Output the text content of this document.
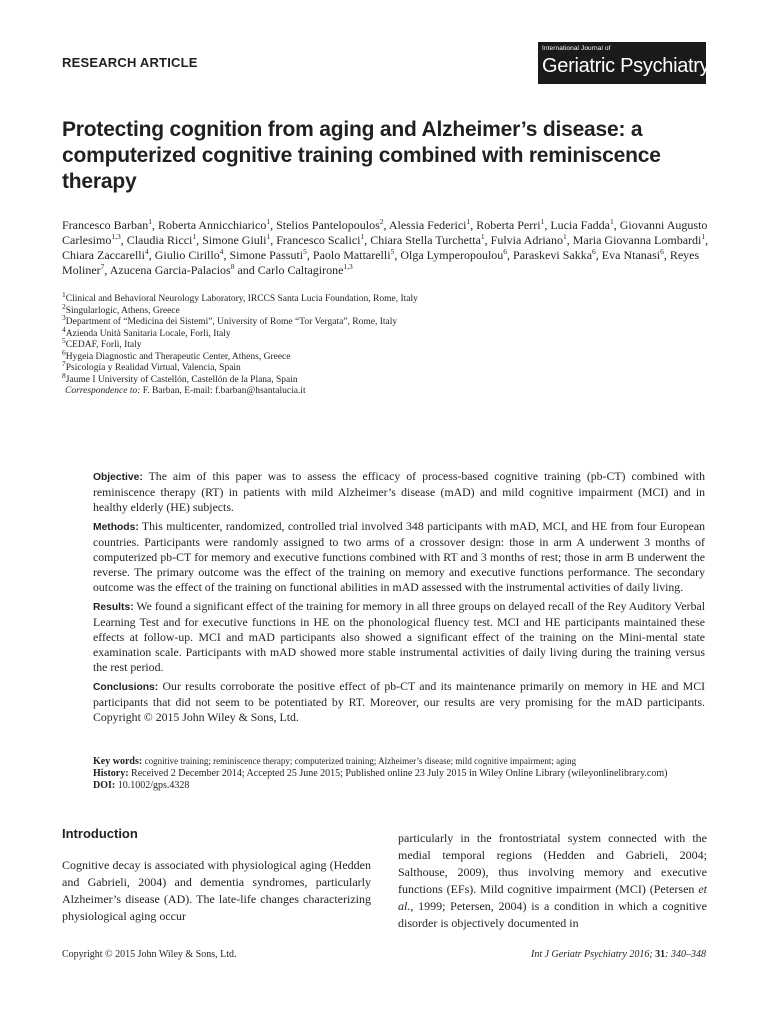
RESEARCH ARTICLE
International Journal of
Geriatric Psychiatry
Protecting cognition from aging and Alzheimer’s disease: a computerized cognitive training combined with reminiscence therapy

Francesco Barban$^1$, Roberta Annicchiarico$^1$, Stelios Pantelopoulos$^2$, Alessia Federici$^1$, Roberta Perri$^1$, Lucia Fadda$^1$, Giovanni Augusto Carlesimo$^{1,3}$, Claudia Ricci$^1$, Simone Giuli$^1$, Francesco Scalici$^1$, Chiara Stella Turchetta$^1$, Fulvia Adriano$^1$, Maria Giovanna Lombardi$^1$, Chiara Zaccarelli$^4$, Giulio Cirillo$^4$, Simone Passuti$^5$, Paolo Mattarelli$^5$, Olga Lymperopoulou$^6$, Paraskevi Sakka$^6$, Eva Ntanasi$^6$, Reyes Moliner$^7$, Azucena Garcia-Palacios$^8$ and Carlo Caltagirone$^{1,3}$

$^1$Clinical and Behavioral Neurology Laboratory, IRCCS Santa Lucia Foundation, Rome, Italy
$^2$Singularlogic, Athens, Greece
$^3$Department of “Medicina dei Sistemi”, University of Rome “Tor Vergata”, Rome, Italy
$^4$Azienda Unità Sanitaria Locale, Forlì, Italy
$^5$CEDAF, Forlì, Italy
$^6$Hygeia Diagnostic and Therapeutic Center, Athens, Greece
$^7$Psicología y Realidad Virtual, Valencia, Spain
$^8$Jaume I University of Castellón, Castellón de la Plana, Spain
Correspondence to: F. Barban, E-mail: f.barban@hsantalucia.it

Objective: The aim of this paper was to assess the efficacy of process-based cognitive training (pb-CT) combined with reminiscence therapy (RT) in patients with mild Alzheimer’s disease (mAD) and mild cognitive impairment (MCI) and in healthy elderly (HE) subjects.

Methods: This multicenter, randomized, controlled trial involved 348 participants with mAD, MCI, and HE from four European countries. Participants were randomly assigned to two arms of a crossover design: those in arm A underwent 3 months of computerized pb-CT for memory and executive functions combined with RT and 3 months of rest; those in arm B underwent the reverse. The primary outcome was the effect of the training on memory and executive functions performance. The secondary outcome was the effect of the training on functional abilities in mAD assessed with the instrumental activities of daily living.

Results: We found a significant effect of the training for memory in all three groups on delayed recall of the Rey Auditory Verbal Learning Test and for executive functions in HE on the phonological fluency test. MCI and HE participants maintained these effects at follow-up. MCI and mAD participants also showed a significant effect of the training on the Mini-mental state examination scale. Participants with mAD showed more stable instrumental activities of daily living during the training versus the rest period.

Conclusions: Our results corroborate the positive effect of pb-CT and its maintenance primarily on memory in HE and MCI participants that did not seem to be potentiated by RT. Moreover, our results are very promising for the mAD participants. Copyright © 2015 John Wiley & Sons, Ltd.

Key words: cognitive training; reminiscence therapy; computerized training; Alzheimer’s disease; mild cognitive impairment; aging

History: Received 2 December 2014; Accepted 25 June 2015; Published online 23 July 2015 in Wiley Online Library (wileyonlinelibrary.com)

DOI: 10.1002/gps.4328

Introduction

Cognitive decay is associated with physiological aging (Hedden and Gabrieli, 2004) and dementia syndromes, particularly Alzheimer’s disease (AD). The late-life changes characterizing physiological aging occur

particularly in the frontostriatal system connected with the medial temporal regions (Hedden and Gabrieli, 2004; Salthouse, 2009), thus involving memory and executive functions (EFs). Mild cognitive impairment (MCI) (Petersen et al., 1999; Petersen, 2004) is a condition in which a cognitive disorder is objectively documented in

Copyright © 2015 John Wiley & Sons, Ltd.	Int J Geriatr Psychiatry 2016; 31: 340–348
